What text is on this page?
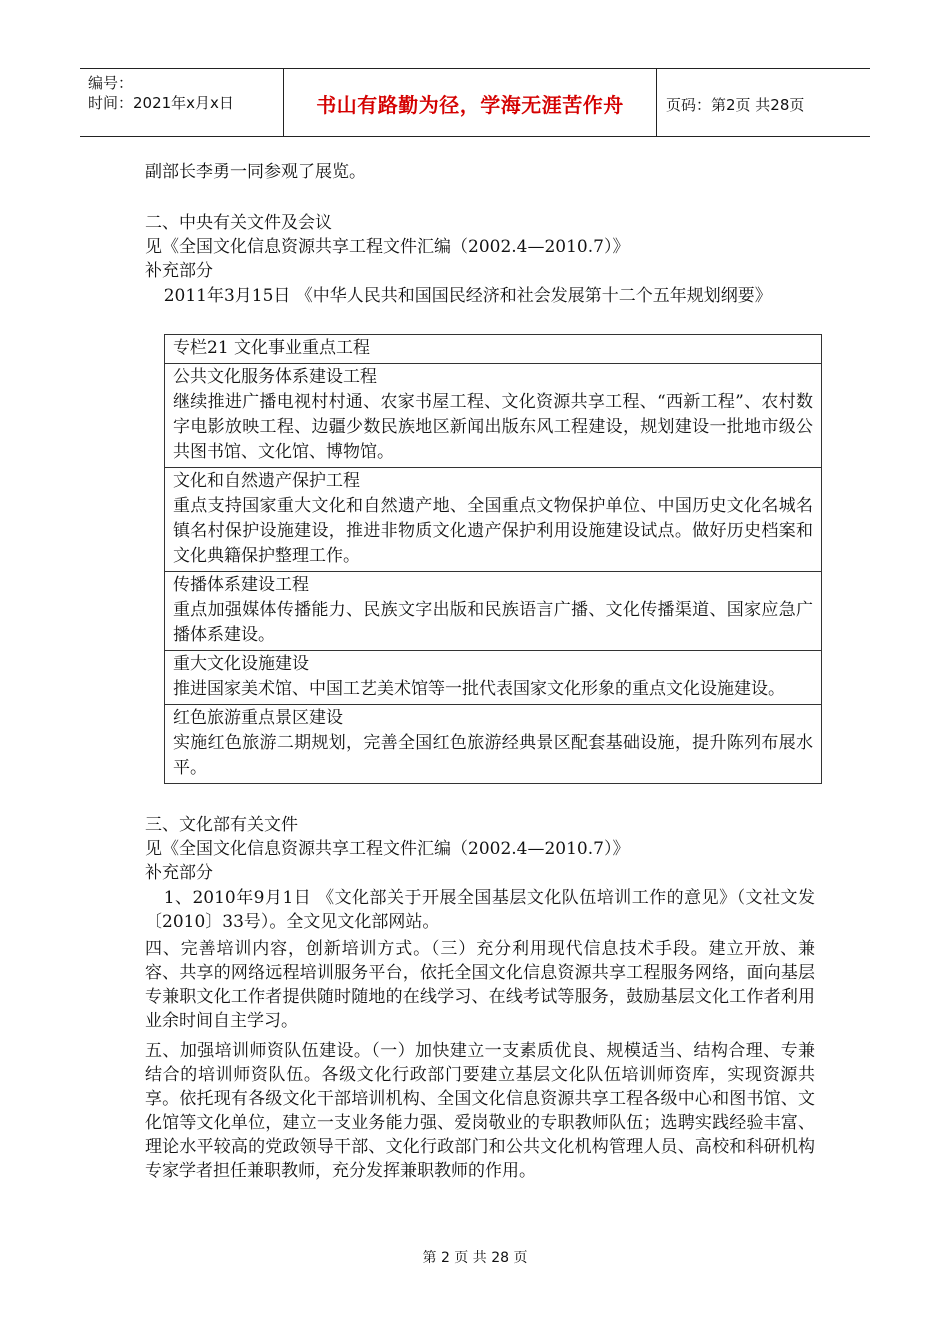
编号：
时间：2021年x月x日	书山有路勤为径，学海无涯苦作舟	页码：第2页 共28页
副部长李勇一同参观了展览。
二、中央有关文件及会议
见《全国文化信息资源共享工程文件汇编（2002.4—2010.7）》
补充部分
2011年3月15日 《中华人民共和国国民经济和社会发展第十二个五年规划纲要》
专栏21 文化事业重点工程
公共文化服务体系建设工程
继续推进广播电视村村通、农家书屋工程、文化资源共享工程、“西新工程”、农村数字电影放映工程、边疆少数民族地区新闻出版东风工程建设，规划建设一批地市级公共图书馆、文化馆、博物馆。
文化和自然遗产保护工程
重点支持国家重大文化和自然遗产地、全国重点文物保护单位、中国历史文化名城名镇名村保护设施建设，推进非物质文化遗产保护利用设施建设试点。做好历史档案和文化典籍保护整理工作。
传播体系建设工程
重点加强媒体传播能力、民族文字出版和民族语言广播、文化传播渠道、国家应急广播体系建设。
重大文化设施建设
推进国家美术馆、中国工艺美术馆等一批代表国家文化形象的重点文化设施建设。
红色旅游重点景区建设
实施红色旅游二期规划，完善全国红色旅游经典景区配套基础设施，提升陈列布展水平。
三、文化部有关文件
见《全国文化信息资源共享工程文件汇编（2002.4—2010.7）》
补充部分
1、2010年9月1日 《文化部关于开展全国基层文化队伍培训工作的意见》（文社文发〔2010〕33号）。全文见文化部网站。
四、完善培训内容，创新培训方式。（三）充分利用现代信息技术手段。建立开放、兼容、共享的网络远程培训服务平台，依托全国文化信息资源共享工程服务网络，面向基层专兼职文化工作者提供随时随地的在线学习、在线考试等服务，鼓励基层文化工作者利用业余时间自主学习。
五、加强培训师资队伍建设。（一）加快建立一支素质优良、规模适当、结构合理、专兼结合的培训师资队伍。各级文化行政部门要建立基层文化队伍培训师资库，实现资源共享。依托现有各级文化干部培训机构、全国文化信息资源共享工程各级中心和图书馆、文化馆等文化单位，建立一支业务能力强、爱岗敬业的专职教师队伍；选聘实践经验丰富、理论水平较高的党政领导干部、文化行政部门和公共文化机构管理人员、高校和科研机构专家学者担任兼职教师，充分发挥兼职教师的作用。
第 2 页 共 28 页
